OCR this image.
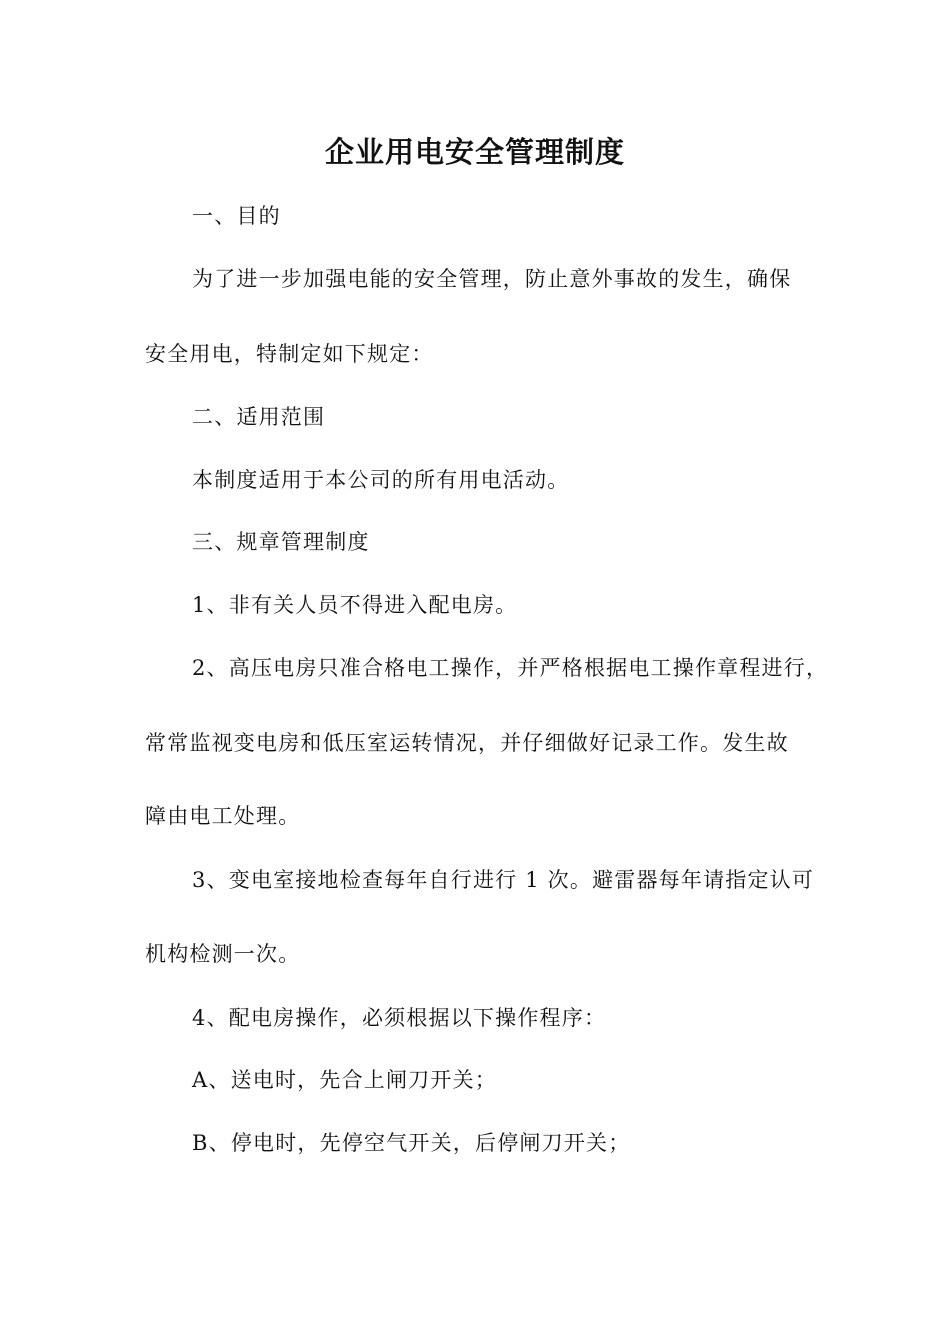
企业用电安全管理制度
一、目的
为了进一步加强电能的安全管理，防止意外事故的发生，确保
安全用电，特制定如下规定：
二、适用范围
本制度适用于本公司的所有用电活动。
三、规章管理制度
1、非有关人员不得进入配电房。
2、高压电房只准合格电工操作，并严格根据电工操作章程进行，
常常监视变电房和低压室运转情况，并仔细做好记录工作。发生故
障由电工处理。
3、变电室接地检查每年自行进行 1 次。避雷器每年请指定认可
机构检测一次。
4、配电房操作，必须根据以下操作程序：
A、送电时，先合上闸刀开关；
B、停电时，先停空气开关，后停闸刀开关；
